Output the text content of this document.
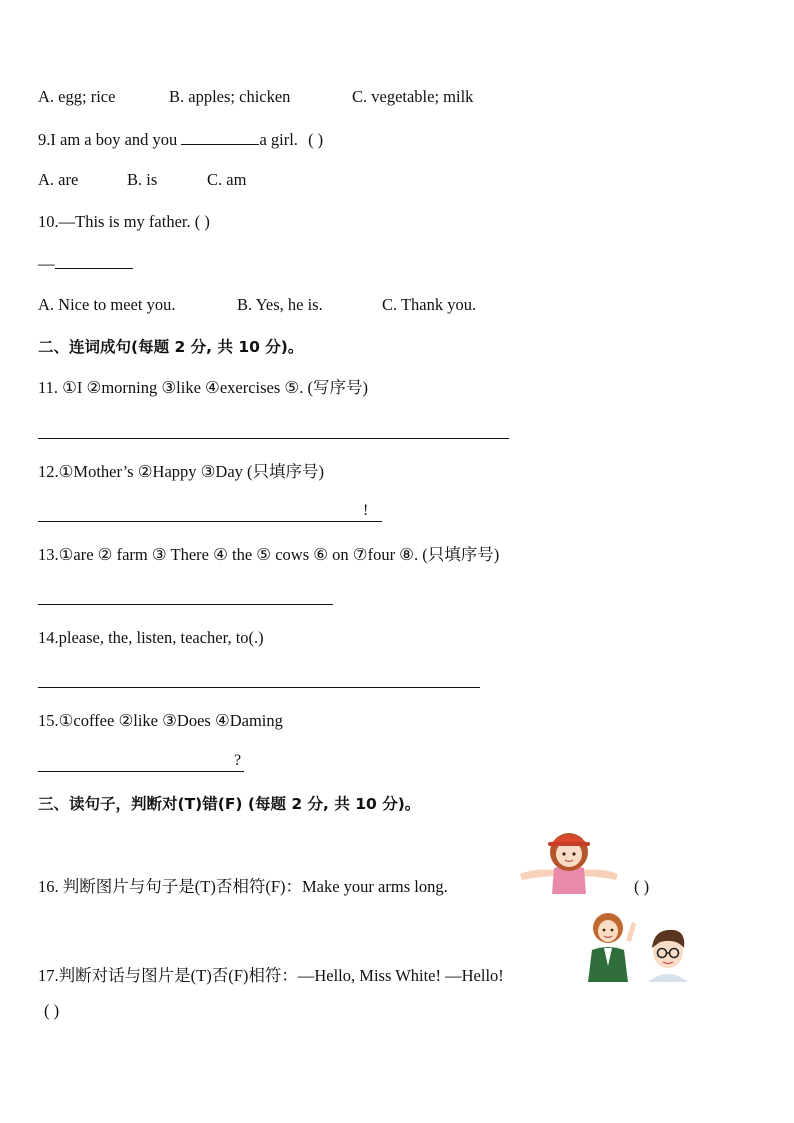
A. egg; rice	B. apples; chicken	C. vegetable; milk
9.I am a boy and you	a girl. ( )
A. are	B. is	C. am
10.—This is my father. ( )
—
A. Nice to meet you.	B. Yes, he is.	C. Thank you.
二、连词成句(每题 2 分, 共 10 分)。
11. ①I ②morning ③like ④exercises ⑤. (写序号)
12.①Mother’s ②Happy ③Day (只填序号)
!
13.①are ② farm ③ There ④ the ⑤ cows ⑥ on ⑦four ⑧. (只填序号)
14.please, the, listen, teacher, to(.)
15.①coffee ②like ③Does ④Daming
?
三、读句子，判断对(T)错(F) (每题 2 分, 共 10 分)。
16. 判断图片与句子是(T)否相符(F)：Make your arms long.	( )
17.判断对话与图片是(T)否(F)相符：—Hello, Miss White! —Hello!
( )
